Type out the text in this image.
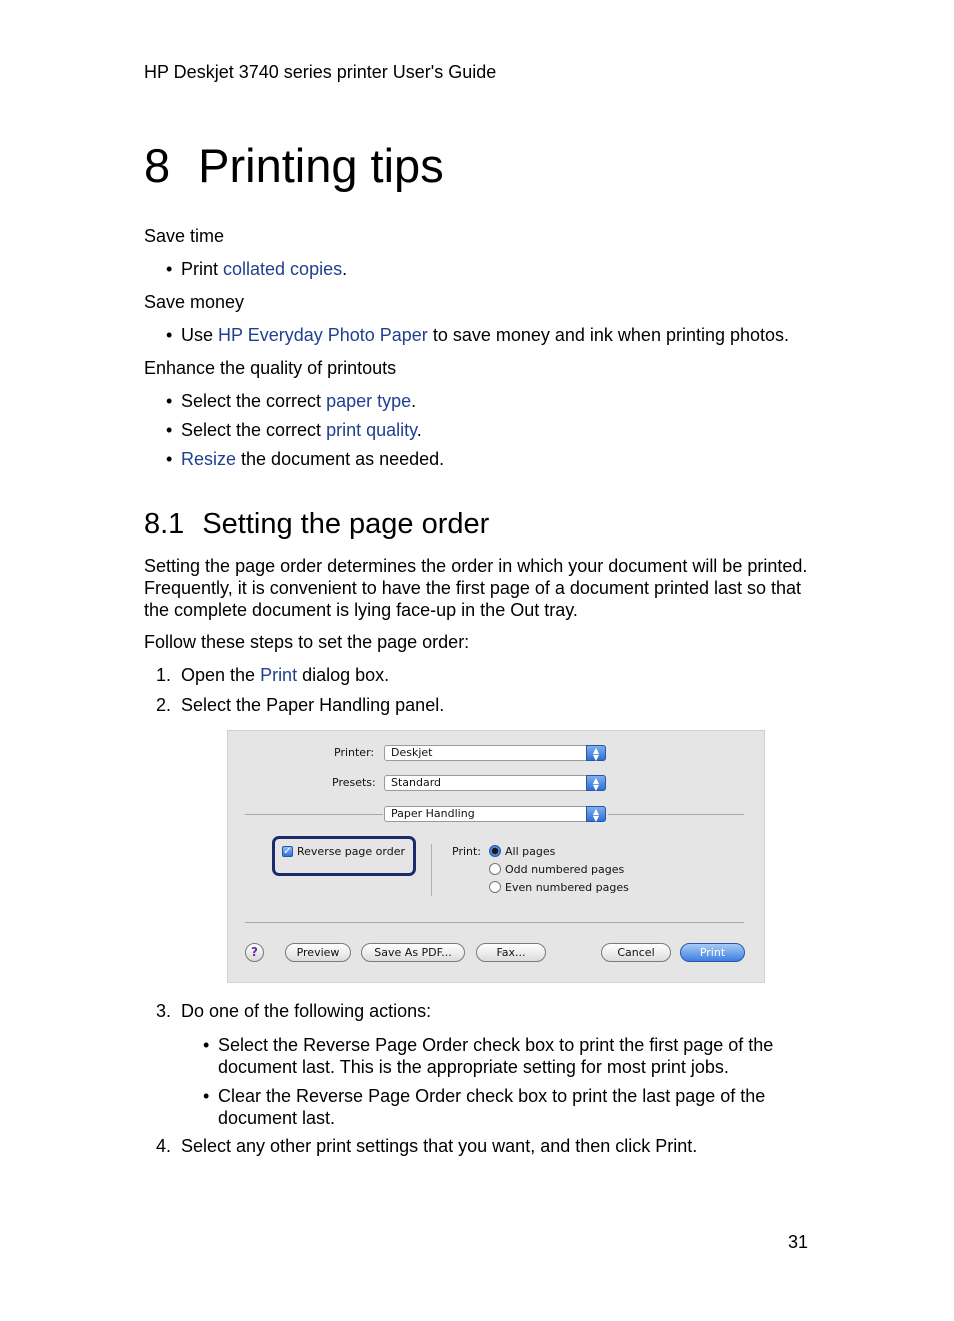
HP Deskjet 3740 series printer User's Guide
8 Printing tips
Save time
• Print collated copies.
Save money
• Use HP Everyday Photo Paper to save money and ink when printing photos.
Enhance the quality of printouts
• Select the correct paper type.
• Select the correct print quality.
• Resize the document as needed.
8.1 Setting the page order
Setting the page order determines the order in which your document will be printed. Frequently, it is convenient to have the first page of a document printed last so that the complete document is lying face-up in the Out tray.
Follow these steps to set the page order:
1. Open the Print dialog box.
2. Select the Paper Handling panel.
Printer:	Deskjet	▲
▼
Presets:	Standard	▲
▼
Paper Handling	▲
▼
✓ Reverse page order	Print: All pages
Odd numbered pages
Even numbered pages
?	Preview	Save As PDF...	Fax...	Cancel	Print
3. Do one of the following actions:
• Select the Reverse Page Order check box to print the first page of the document last. This is the appropriate setting for most print jobs.
• Clear the Reverse Page Order check box to print the last page of the document last.
4. Select any other print settings that you want, and then click Print.
31
